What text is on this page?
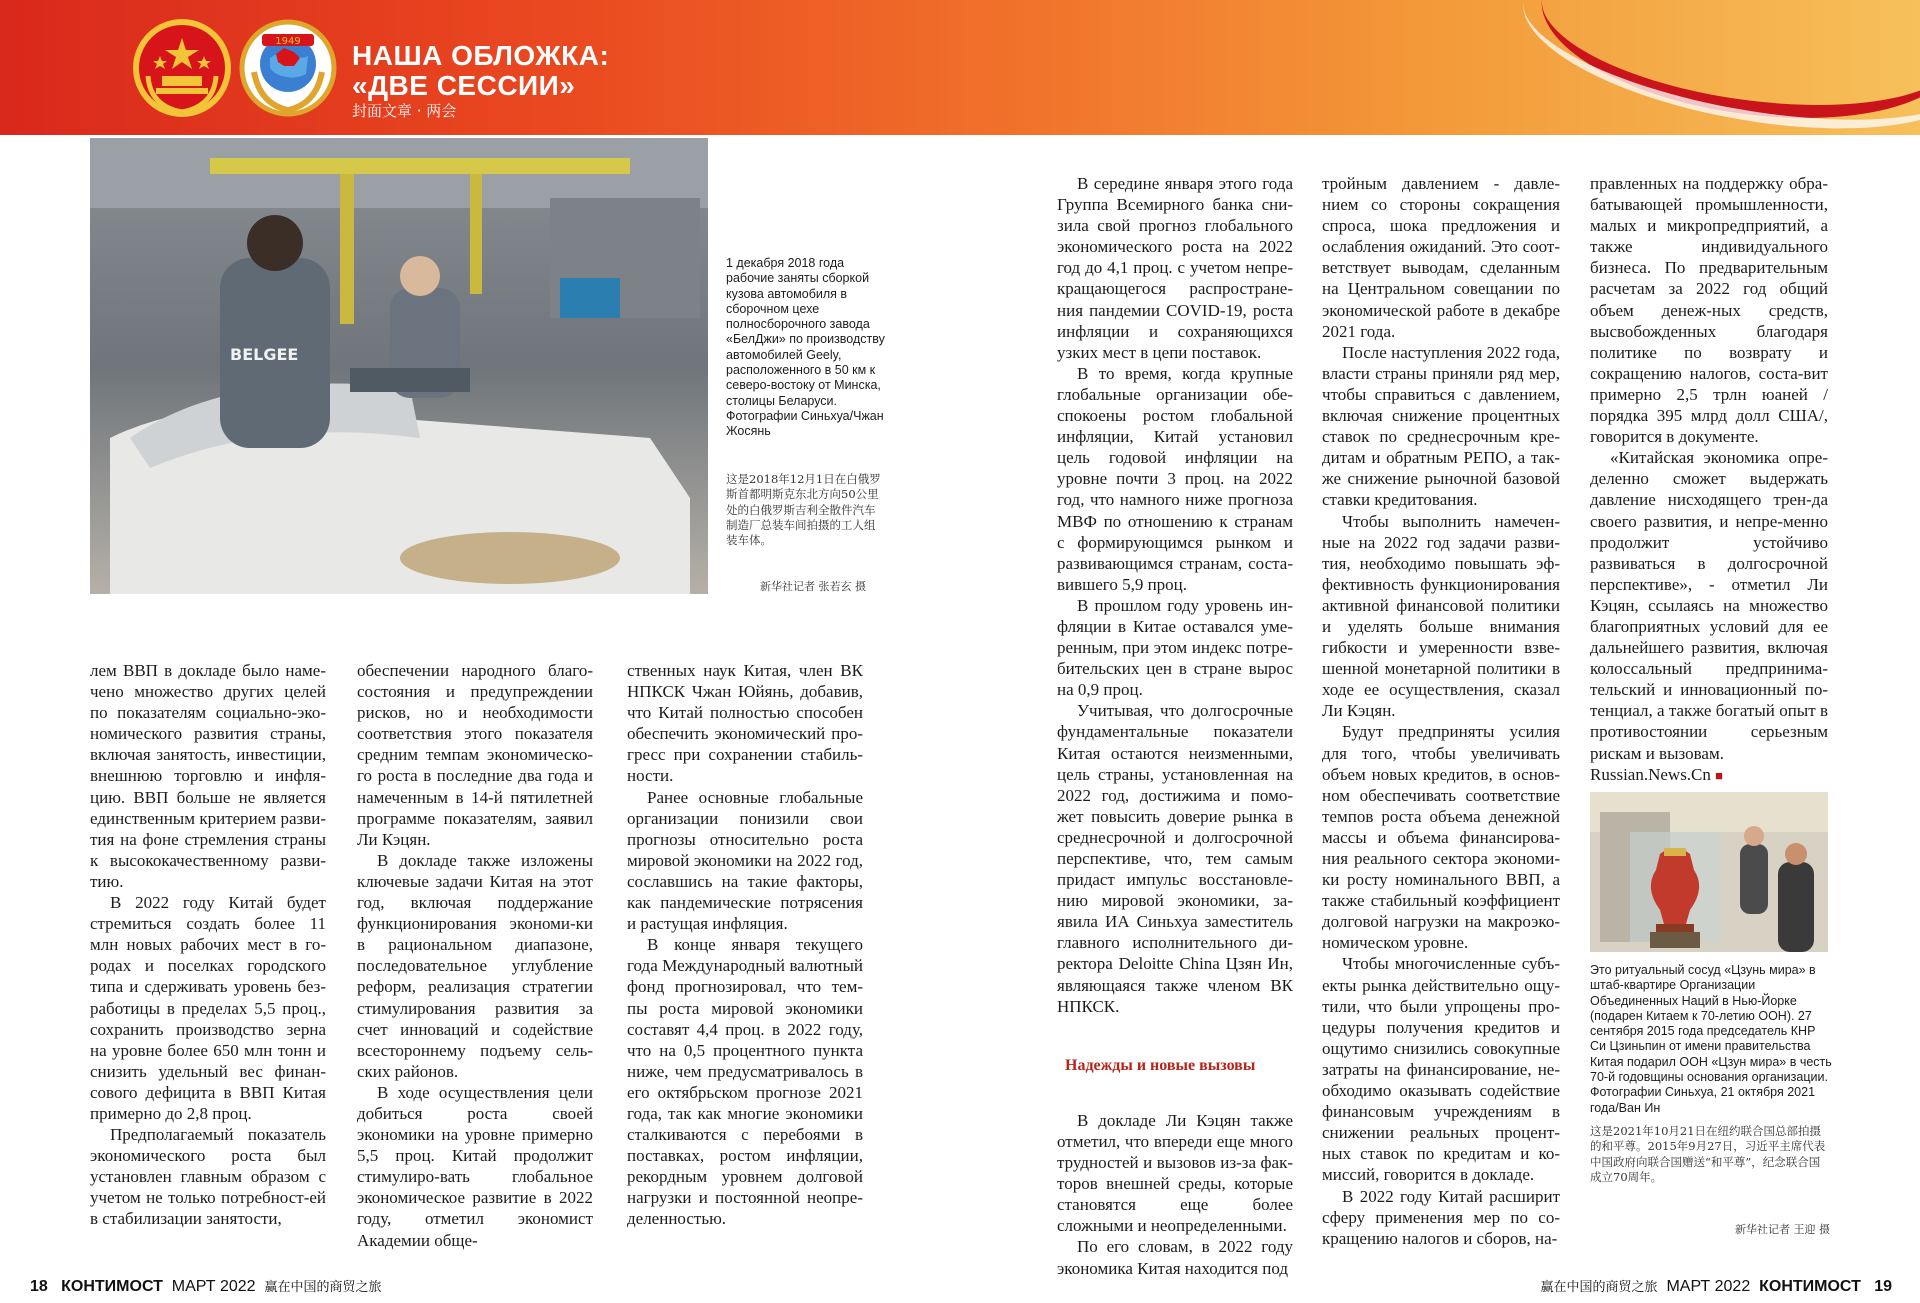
1949 НАША ОБЛОЖКА:
«ДВЕ СЕССИИ»
封面文章 · 两会
BELGEE
1 декабря 2018 года рабочие заняты сборкой кузова автомобиля в сборочном цехе полносборочного завода «БелДжи» по производству автомобилей Geely, расположенного в 50 км к северо-востоку от Минска, столицы Беларуси. Фотографии Синьхуа/Чжан Жосянь
这是2018年12月1日在白俄罗斯首都明斯克东北方向50公里处的白俄罗斯吉利全散件汽车制造厂总装车间拍摄的工人组装车体。
新华社记者 张若玄 摄

лем ВВП в докладе было наме-чено множество других целей по показателям социально-эко-номического развития страны, включая занятость, инвестиции, внешнюю торговлю и инфля-цию. ВВП больше не является единственным критерием разви-тия на фоне стремления страны к высококачественному разви-тию.

В 2022 году Китай будет стремиться создать более 11 млн новых рабочих мест в го-родах и поселках городского типа и сдерживать уровень без-работицы в пределах 5,5 проц., сохранить производство зерна на уровне более 650 млн тонн и снизить удельный вес финан-сового дефицита в ВВП Китая примерно до 2,8 проц.

Предполагаемый показатель экономического роста был установлен главным образом с учетом не только потребност-ей в стабилизации занятости,

обеспечении народного благо-состояния и предупреждении рисков, но и необходимости соответствия этого показателя средним темпам экономическо-го роста в последние два года и намеченным в 14-й пятилетней программе показателям, заявил Ли Кэцян.

В докладе также изложены ключевые задачи Китая на этот год, включая поддержание функционирования экономи-ки в рациональном диапазоне, последовательное углубление реформ, реализация стратегии стимулирования развития за счет инноваций и содействие всестороннему подъему сель-ских районов.

В ходе осуществления цели добиться роста своей экономики на уровне примерно 5,5 проц. Китай продолжит стимулиро-вать глобальное экономическое развитие в 2022 году, отметил экономист Академии обще-

ственных наук Китая, член ВК НПКСК Чжан Юйянь, добавив, что Китай полностью способен обеспечить экономический про-гресс при сохранении стабиль-ности.

Ранее основные глобальные организации понизили свои прогнозы относительно роста мировой экономики на 2022 год, сославшись на такие факторы, как пандемические потрясения и растущая инфляция.

В конце января текущего года Международный валютный фонд прогнозировал, что тем-пы роста мировой экономики составят 4,4 проц. в 2022 году, что на 0,5 процентного пункта ниже, чем предусматривалось в его октябрьском прогнозе 2021 года, так как многие экономики сталкиваются с перебоями в поставках, ростом инфляции, рекордным уровнем долговой нагрузки и постоянной неопре-деленностью.

В середине января этого года Группа Всемирного банка сни-зила свой прогноз глобального экономического роста на 2022 год до 4,1 проц. с учетом непре-кращающегося распростране-ния пандемии COVID-19, роста инфляции и сохраняющихся узких мест в цепи поставок.

В то время, когда крупные глобальные организации обе-спокоены ростом глобальной инфляции, Китай установил цель годовой инфляции на уровне почти 3 проц. на 2022 год, что намного ниже прогноза МВФ по отношению к странам с формирующимся рынком и развивающимся странам, соста-вившего 5,9 проц.

В прошлом году уровень ин-фляции в Китае оставался уме-ренным, при этом индекс потре-бительских цен в стране вырос на 0,9 проц.

Учитывая, что долгосрочные фундаментальные показатели Китая остаются неизменными, цель страны, установленная на 2022 год, достижима и помо-жет повысить доверие рынка в среднесрочной и долгосрочной перспективе, что, тем самым придаст импульс восстановле-нию мировой экономики, за-явила ИА Синьхуа заместитель главного исполнительного ди-ректора Deloitte China Цзян Ин, являющаяся также членом ВК НПКСК.

Надежды и новые вызовы

В докладе Ли Кэцян также отметил, что впереди еще много трудностей и вызовов из-за фак-торов внешней среды, которые становятся еще более сложными и неопределенными.

По его словам, в 2022 году экономика Китая находится под

тройным давлением - давле-нием со стороны сокращения спроса, шока предложения и ослабления ожиданий. Это соот-ветствует выводам, сделанным на Центральном совещании по экономической работе в декабре 2021 года.

После наступления 2022 года, власти страны приняли ряд мер, чтобы справиться с давлением, включая снижение процентных ставок по среднесрочным кре-дитам и обратным РЕПО, а так-же снижение рыночной базовой ставки кредитования.

Чтобы выполнить намечен-ные на 2022 год задачи разви-тия, необходимо повышать эф-фективность функционирования активной финансовой политики и уделять больше внимания гибкости и умеренности взве-шенной монетарной политики в ходе ее осуществления, сказал Ли Кэцян.

Будут предприняты усилия для того, чтобы увеличивать объем новых кредитов, в основ-ном обеспечивать соответствие темпов роста объема денежной массы и объема финансирова-ния реального сектора экономи-ки росту номинального ВВП, а также стабильный коэффициент долговой нагрузки на макроэко-номическом уровне.

Чтобы многочисленные субъ-екты рынка действительно ощу-тили, что были упрощены про-цедуры получения кредитов и ощутимо снизились совокупные затраты на финансирование, не-обходимо оказывать содействие финансовым учреждениям в снижении реальных процент-ных ставок по кредитам и ко-миссий, говорится в докладе.

В 2022 году Китай расширит сферу применения мер по со-кращению налогов и сборов, на-

правленных на поддержку обра-батывающей промышленности, малых и микропредприятий, а также индивидуального бизнеса. По предварительным расчетам за 2022 год общий объем денеж-ных средств, высвобожденных благодаря политике по возврату и сокращению налогов, соста-вит примерно 2,5 трлн юаней / порядка 395 млрд долл США/, говорится в документе.

«Китайская экономика опре-деленно сможет выдержать давление нисходящего трен-да своего развития, и непре-менно продолжит устойчиво развиваться в долгосрочной перспективе», - отметил Ли Кэцян, ссылаясь на множество благоприятных условий для ее дальнейшего развития, включая колоссальный предпринима-тельский и инновационный по-тенциал, а также богатый опыт в противостоянии серьезным рискам и вызовам.

Russian.News.Cn ■

Это ритуальный сосуд «Цзунь мира» в штаб-квартире Организации Объединенных Наций в Нью-Йорке (подарен Китаем к 70-летию ООН). 27 сентября 2015 года председатель КНР Си Цзиньпин от имени правительства Китая подарил ООН «Цзун мира» в честь 70-й годовщины основания организации. Фотографии Синьхуа, 21 октября 2021 года/Ван Ин
这是2021年10月21日在纽约联合国总部拍摄的和平尊。2015年9月27日，习近平主席代表中国政府向联合国赠送“和平尊”，纪念联合国成立70周年。
新华社记者 王迎 摄
18 КОНТИМОСТ МАРТ 2022 赢在中国的商贸之旅	赢在中国的商贸之旅 МАРТ 2022 КОНТИМОСТ 19
